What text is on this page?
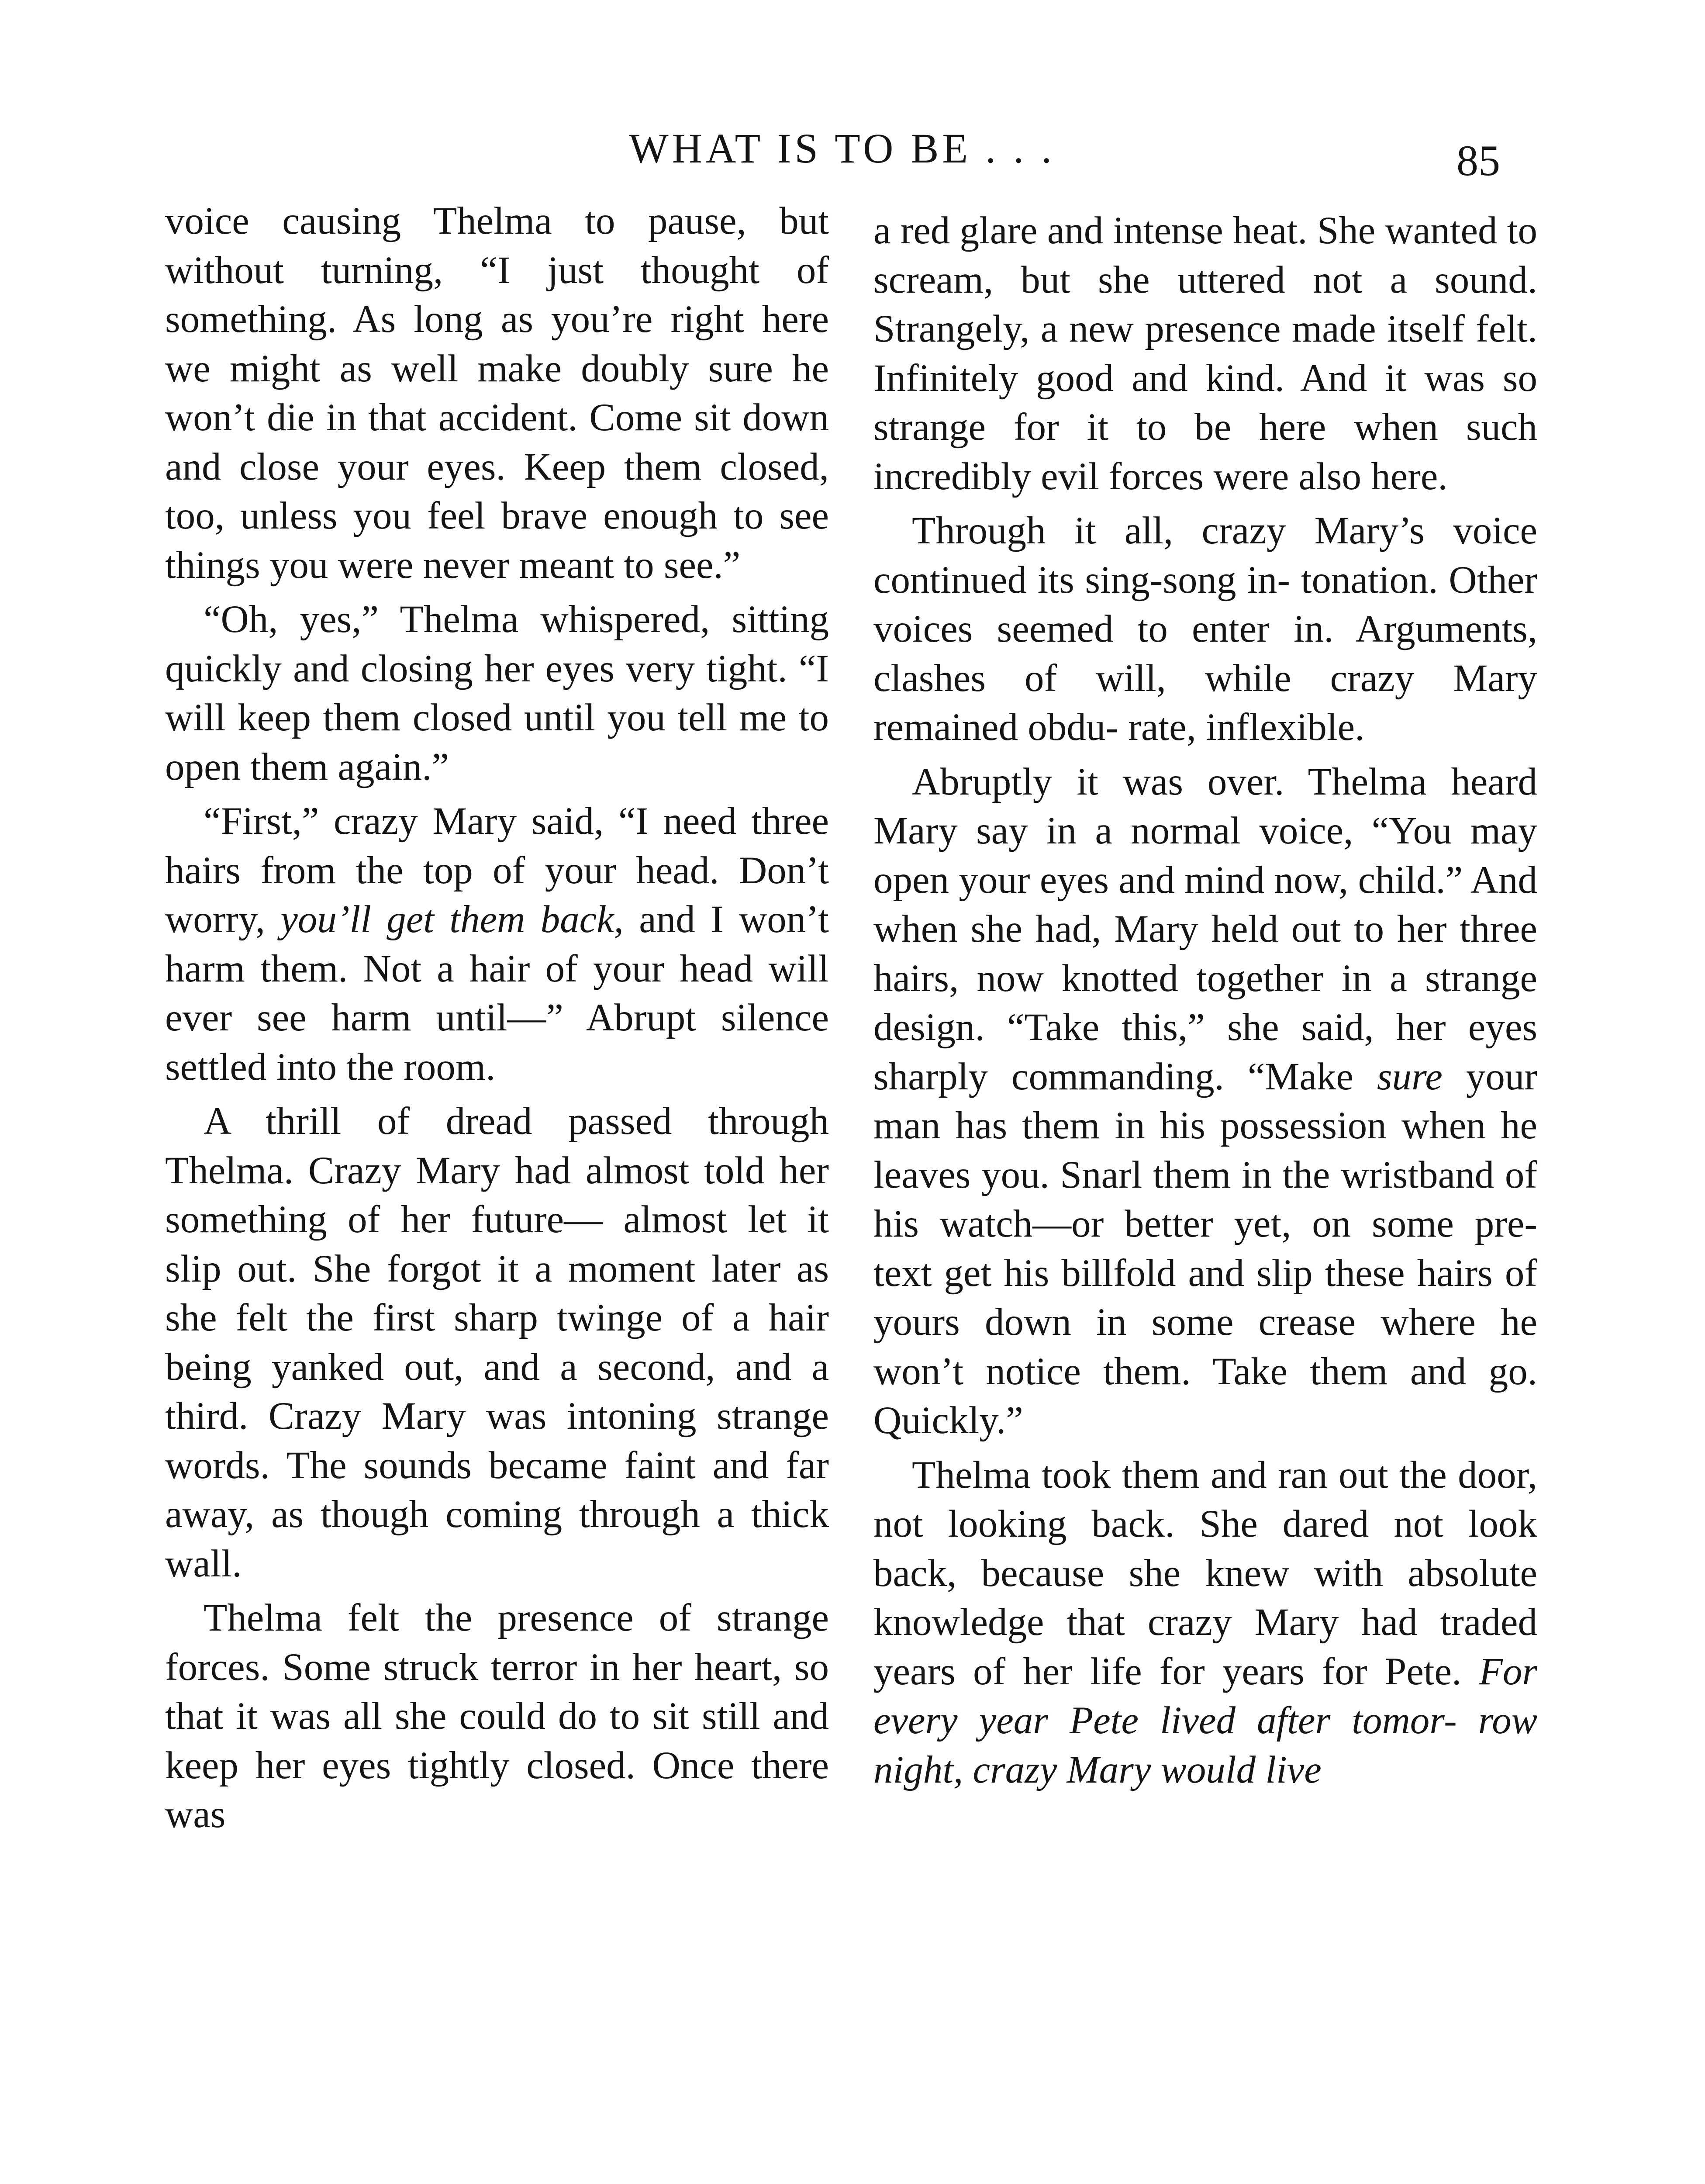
WHAT IS TO BE . . .	85

voice causing Thelma to pause, but without turning, “I just thought of something. As long as you’re right here we might as well make doubly sure he won’t die in that accident. Come sit down and close your eyes. Keep them closed, too, unless you feel brave enough to see things you were never meant to see.”

“Oh, yes,” Thelma whispered, sitting quickly and closing her eyes very tight. “I will keep them closed until you tell me to open them again.”

“First,” crazy Mary said, “I need three hairs from the top of your head. Don’t worry, you’ll get them back, and I won’t harm them. Not a hair of your head will ever see harm until—” Abrupt silence settled into the room.

A thrill of dread passed through Thelma. Crazy Mary had almost told her something of her future— almost let it slip out. She forgot it a moment later as she felt the first sharp twinge of a hair being yanked out, and a second, and a third. Crazy Mary was intoning strange words. The sounds became faint and far away, as though coming through a thick wall.

Thelma felt the presence of strange forces. Some struck terror in her heart, so that it was all she could do to sit still and keep her eyes tightly closed. Once there was

a red glare and intense heat. She wanted to scream, but she uttered not a sound. Strangely, a new presence made itself felt. Infinitely good and kind. And it was so strange for it to be here when such incredibly evil forces were also here.

Through it all, crazy Mary’s voice continued its sing-song in- tonation. Other voices seemed to enter in. Arguments, clashes of will, while crazy Mary remained obdu- rate, inflexible.

Abruptly it was over. Thelma heard Mary say in a normal voice, “You may open your eyes and mind now, child.” And when she had, Mary held out to her three hairs, now knotted together in a strange design. “Take this,” she said, her eyes sharply commanding. “Make sure your man has them in his possession when he leaves you. Snarl them in the wristband of his watch—or better yet, on some pre- text get his billfold and slip these hairs of yours down in some crease where he won’t notice them. Take them and go. Quickly.”

Thelma took them and ran out the door, not looking back. She dared not look back, because she knew with absolute knowledge that crazy Mary had traded years of her life for years for Pete. For every year Pete lived after tomor- row night, crazy Mary would live
